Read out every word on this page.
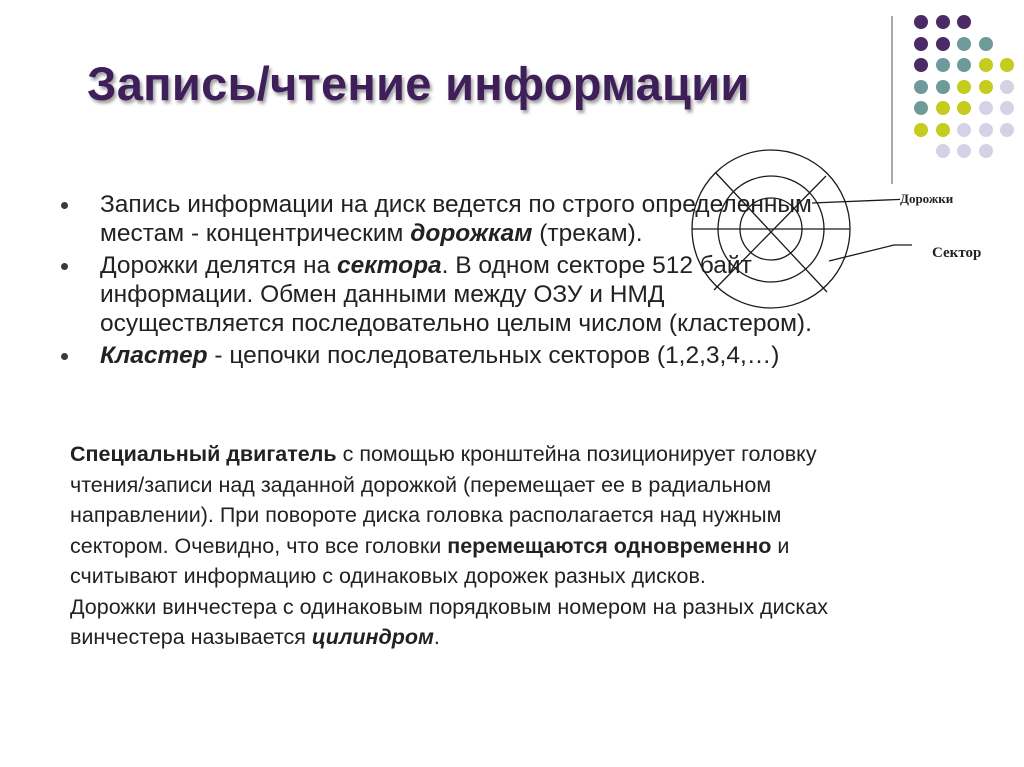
Запись/чтение информации
Запись информации на диск ведется по строго определенным
местам - концентрическим дорожкам (трекам).
Дорожки делятся на сектора. В одном секторе 512 байт
информации. Обмен данными между ОЗУ и НМД
осуществляется последовательно целым числом (кластером).
Кластер - цепочки последовательных секторов (1,2,3,4,…)
Дорожки
Сектор

Специальный двигатель с помощью кронштейна позиционирует головку
чтения/записи над заданной дорожкой (перемещает ее в радиальном
направлении). При повороте диска головка располагается над нужным
сектором. Очевидно, что все головки перемещаются одновременно и
считывают информацию с одинаковых дорожек разных дисков.
Дорожки винчестера с одинаковым порядковым номером на разных дисках
винчестера называется цилиндром.
